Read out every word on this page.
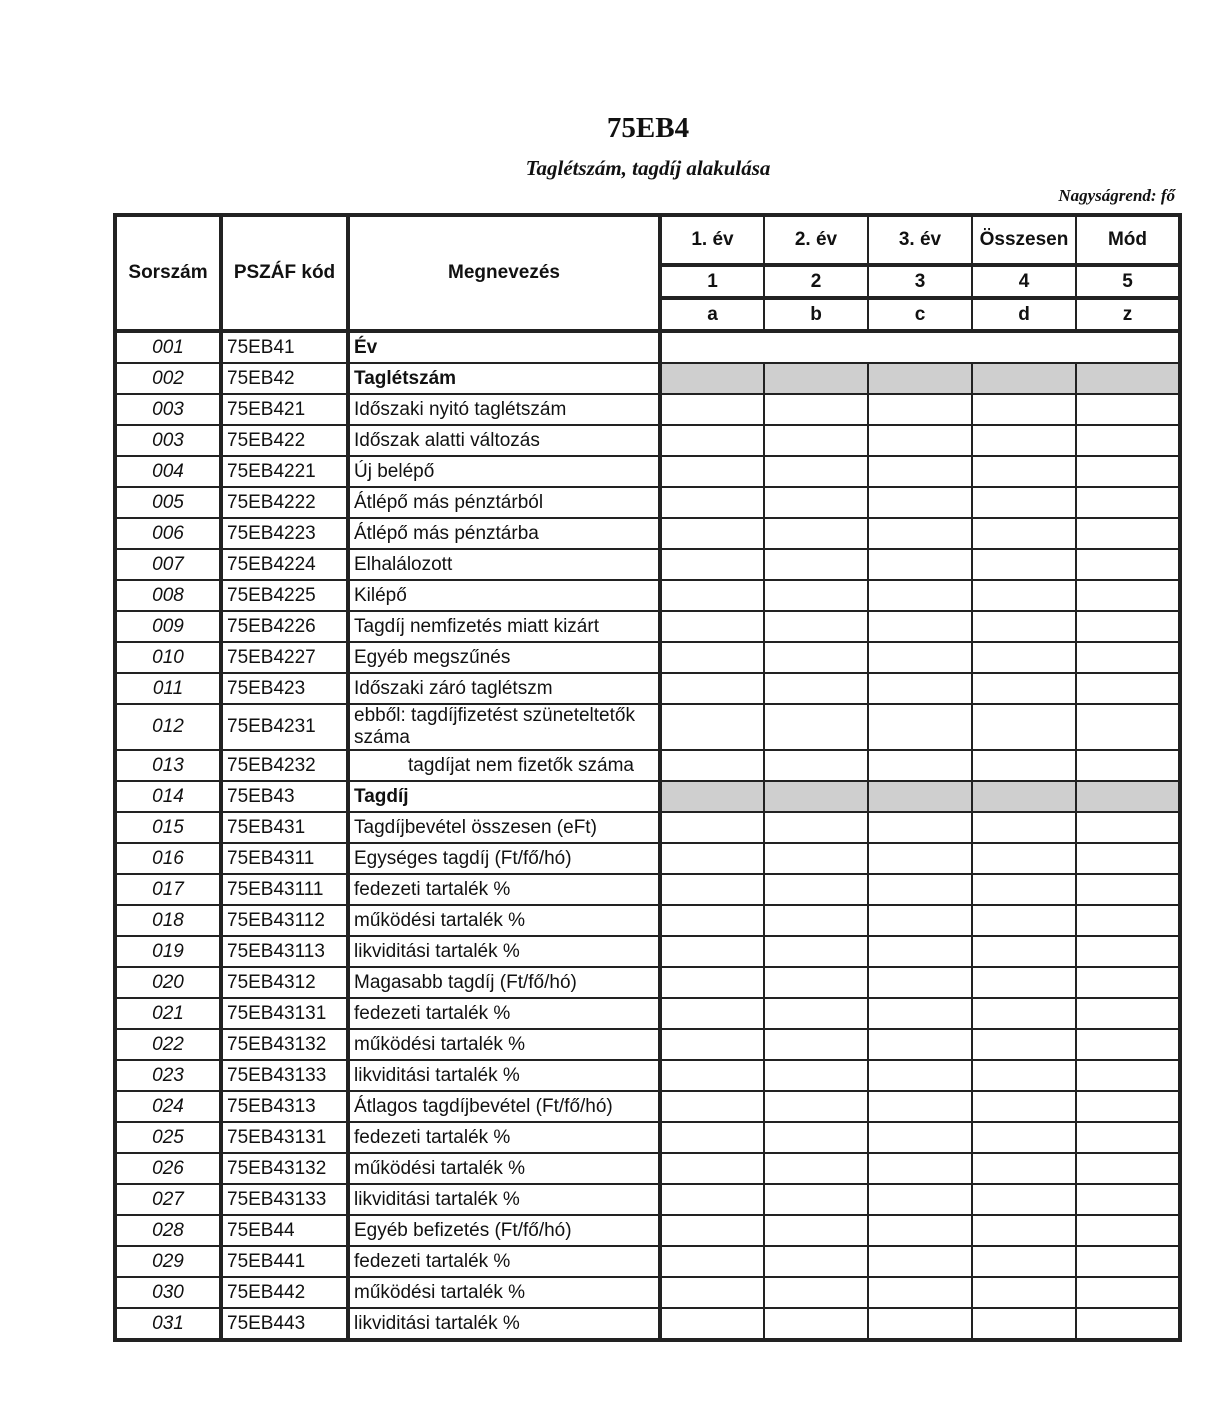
75EB4
Taglétszám, tagdíj alakulása
Nagyságrend: fő
Sorszám	PSZÁF kód	Megnevezés	1. év	2. év	3. év	Összesen	Mód
			1	2	3	4	5
			a	b	c	d	z
001	75EB41	Év					
002	75EB42	Taglétszám					
003	75EB421	Időszaki nyitó taglétszám					
003	75EB422	Időszak alatti változás					
004	75EB4221	Új belépő					
005	75EB4222	Átlépő más pénztárból					
006	75EB4223	Átlépő más pénztárba					
007	75EB4224	Elhalálozott					
008	75EB4225	Kilépő					
009	75EB4226	Tagdíj nemfizetés miatt kizárt					
010	75EB4227	Egyéb megszűnés					
011	75EB423	Időszaki záró taglétszm					
012	75EB4231	ebből: tagdíjfizetést szüneteltetők száma					
013	75EB4232	tagdíjat nem fizetők száma					
014	75EB43	Tagdíj					
015	75EB431	Tagdíjbevétel összesen (eFt)					
016	75EB4311	Egységes tagdíj (Ft/fő/hó)					
017	75EB43111	fedezeti tartalék %					
018	75EB43112	működési tartalék %					
019	75EB43113	likviditási tartalék %					
020	75EB4312	Magasabb tagdíj (Ft/fő/hó)					
021	75EB43131	fedezeti tartalék %					
022	75EB43132	működési tartalék %					
023	75EB43133	likviditási tartalék %					
024	75EB4313	Átlagos tagdíjbevétel (Ft/fő/hó)					
025	75EB43131	fedezeti tartalék %					
026	75EB43132	működési tartalék %					
027	75EB43133	likviditási tartalék %					
028	75EB44	Egyéb befizetés (Ft/fő/hó)					
029	75EB441	fedezeti tartalék %					
030	75EB442	működési tartalék %					
031	75EB443	likviditási tartalék %					
